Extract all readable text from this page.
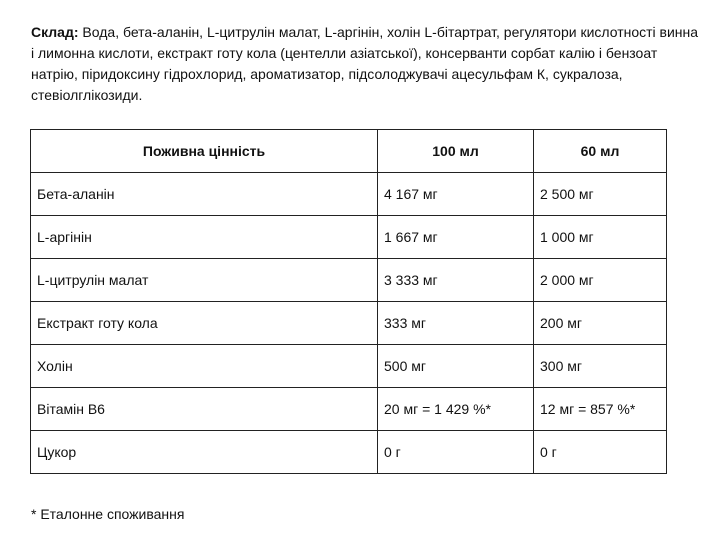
Склад: Вода, бета-аланін, L-цитрулін малат, L-аргінін, холін L-бітартрат, регулятори кислотності винна і лимонна кислоти, екстракт готу кола (центелли азіатської), консерванти сорбат калію і бензоат натрію, піридоксину гідрохлорид, ароматизатор, підсолоджувачі ацесульфам К, сукралоза, стевіолглікозиди.

Поживна цінність	100 мл	60 мл
Бета-аланін	4 167 мг	2 500 мг
L-аргінін	1 667 мг	1 000 мг
L-цитрулін малат	3 333 мг	2 000 мг
Екстракт готу кола	333 мг	200 мг
Холін	500 мг	300 мг
Вітамін В6	20 мг = 1 429 %*	12 мг = 857 %*
Цукор	0 г	0 г

* Еталонне споживання
